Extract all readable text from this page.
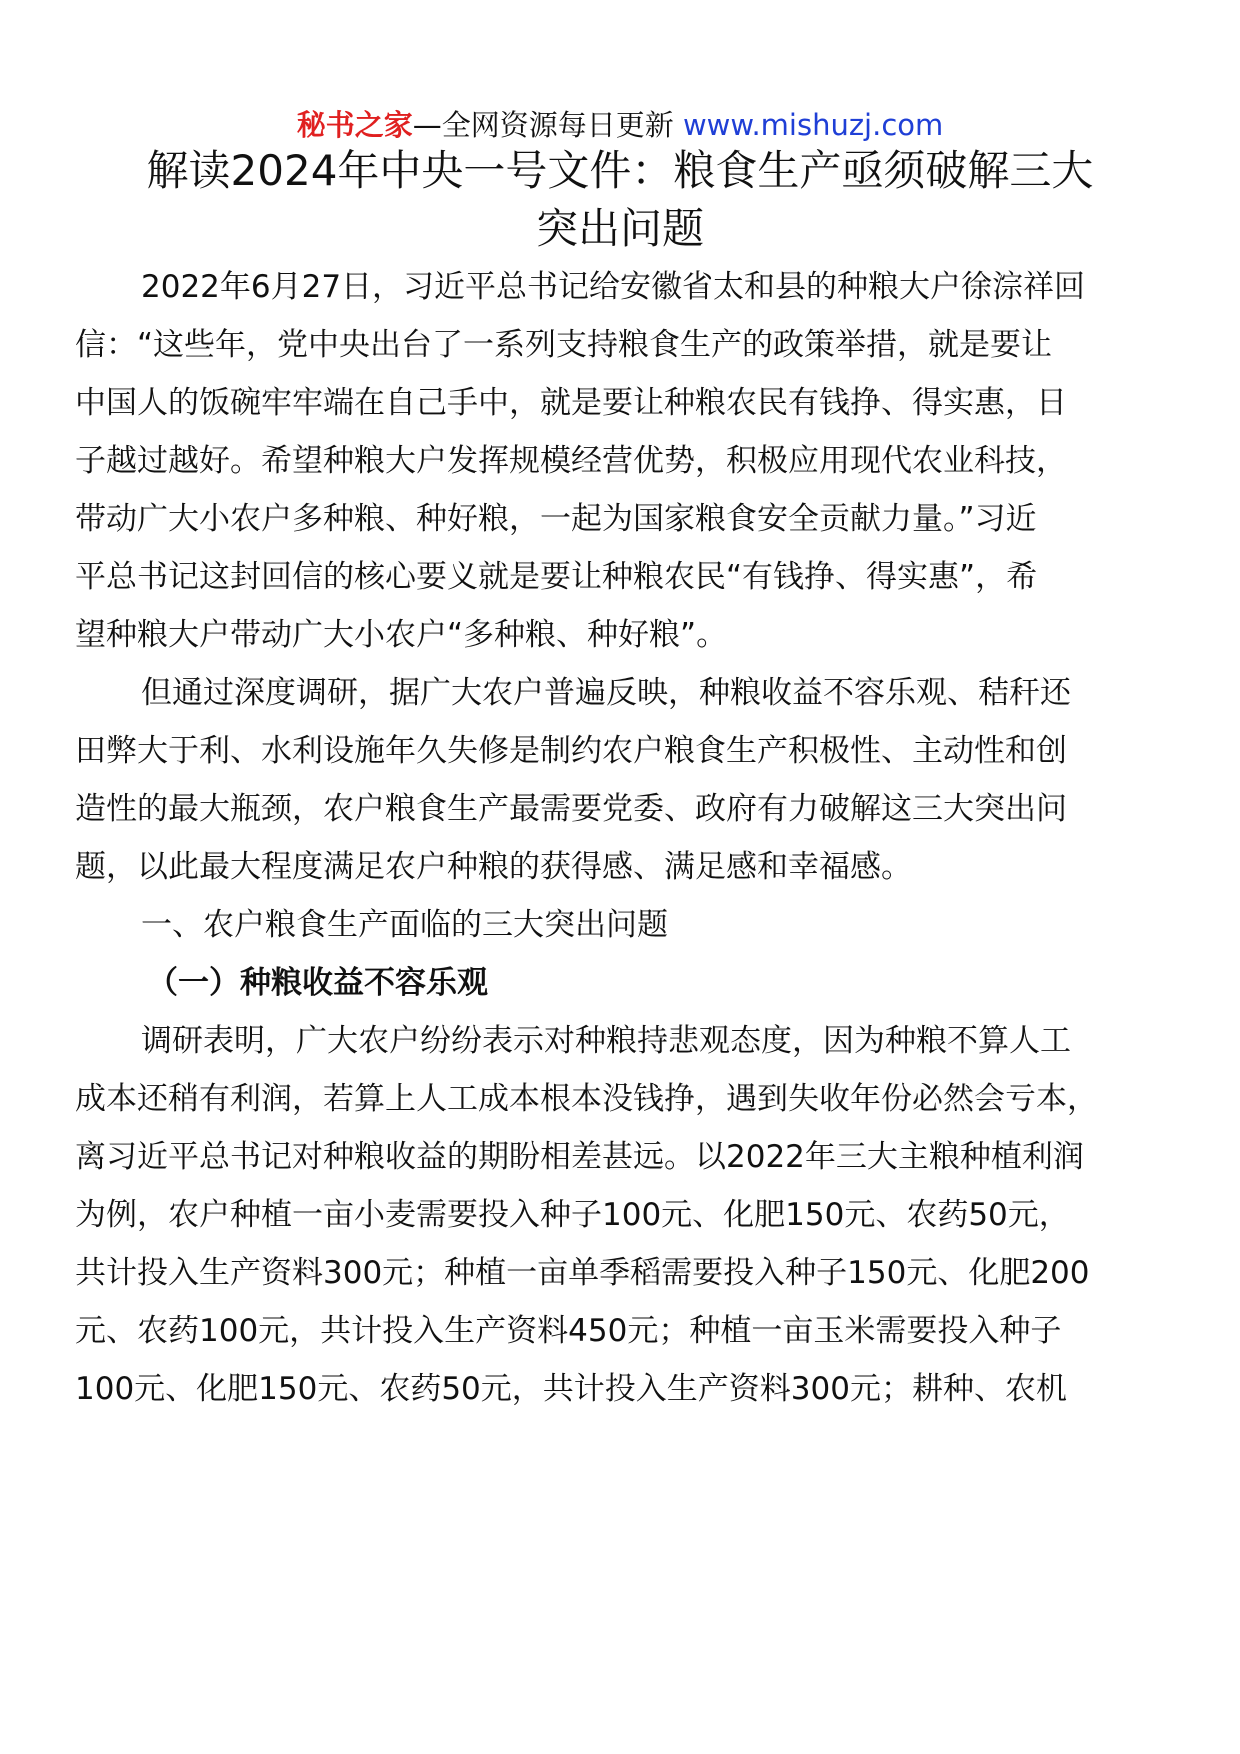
秘书之家—全网资源每日更新 www.mishuzj.com
解读2024年中央一号文件：粮食生产亟须破解三大
突出问题
2022年6月27日，习近平总书记给安徽省太和县的种粮大户徐淙祥回
信：“这些年，党中央出台了一系列支持粮食生产的政策举措，就是要让
中国人的饭碗牢牢端在自己手中，就是要让种粮农民有钱挣、得实惠，日
子越过越好。希望种粮大户发挥规模经营优势，积极应用现代农业科技，
带动广大小农户多种粮、种好粮，一起为国家粮食安全贡献力量。”习近
平总书记这封回信的核心要义就是要让种粮农民“有钱挣、得实惠”，希
望种粮大户带动广大小农户“多种粮、种好粮”。
但通过深度调研，据广大农户普遍反映，种粮收益不容乐观、秸秆还
田弊大于利、水利设施年久失修是制约农户粮食生产积极性、主动性和创
造性的最大瓶颈，农户粮食生产最需要党委、政府有力破解这三大突出问
题，以此最大程度满足农户种粮的获得感、满足感和幸福感。
一、农户粮食生产面临的三大突出问题
（一）种粮收益不容乐观
调研表明，广大农户纷纷表示对种粮持悲观态度，因为种粮不算人工
成本还稍有利润，若算上人工成本根本没钱挣，遇到失收年份必然会亏本，
离习近平总书记对种粮收益的期盼相差甚远。以2022年三大主粮种植利润
为例，农户种植一亩小麦需要投入种子100元、化肥150元、农药50元，
共计投入生产资料300元；种植一亩单季稻需要投入种子150元、化肥200
元、农药100元，共计投入生产资料450元；种植一亩玉米需要投入种子
100元、化肥150元、农药50元，共计投入生产资料300元；耕种、农机
